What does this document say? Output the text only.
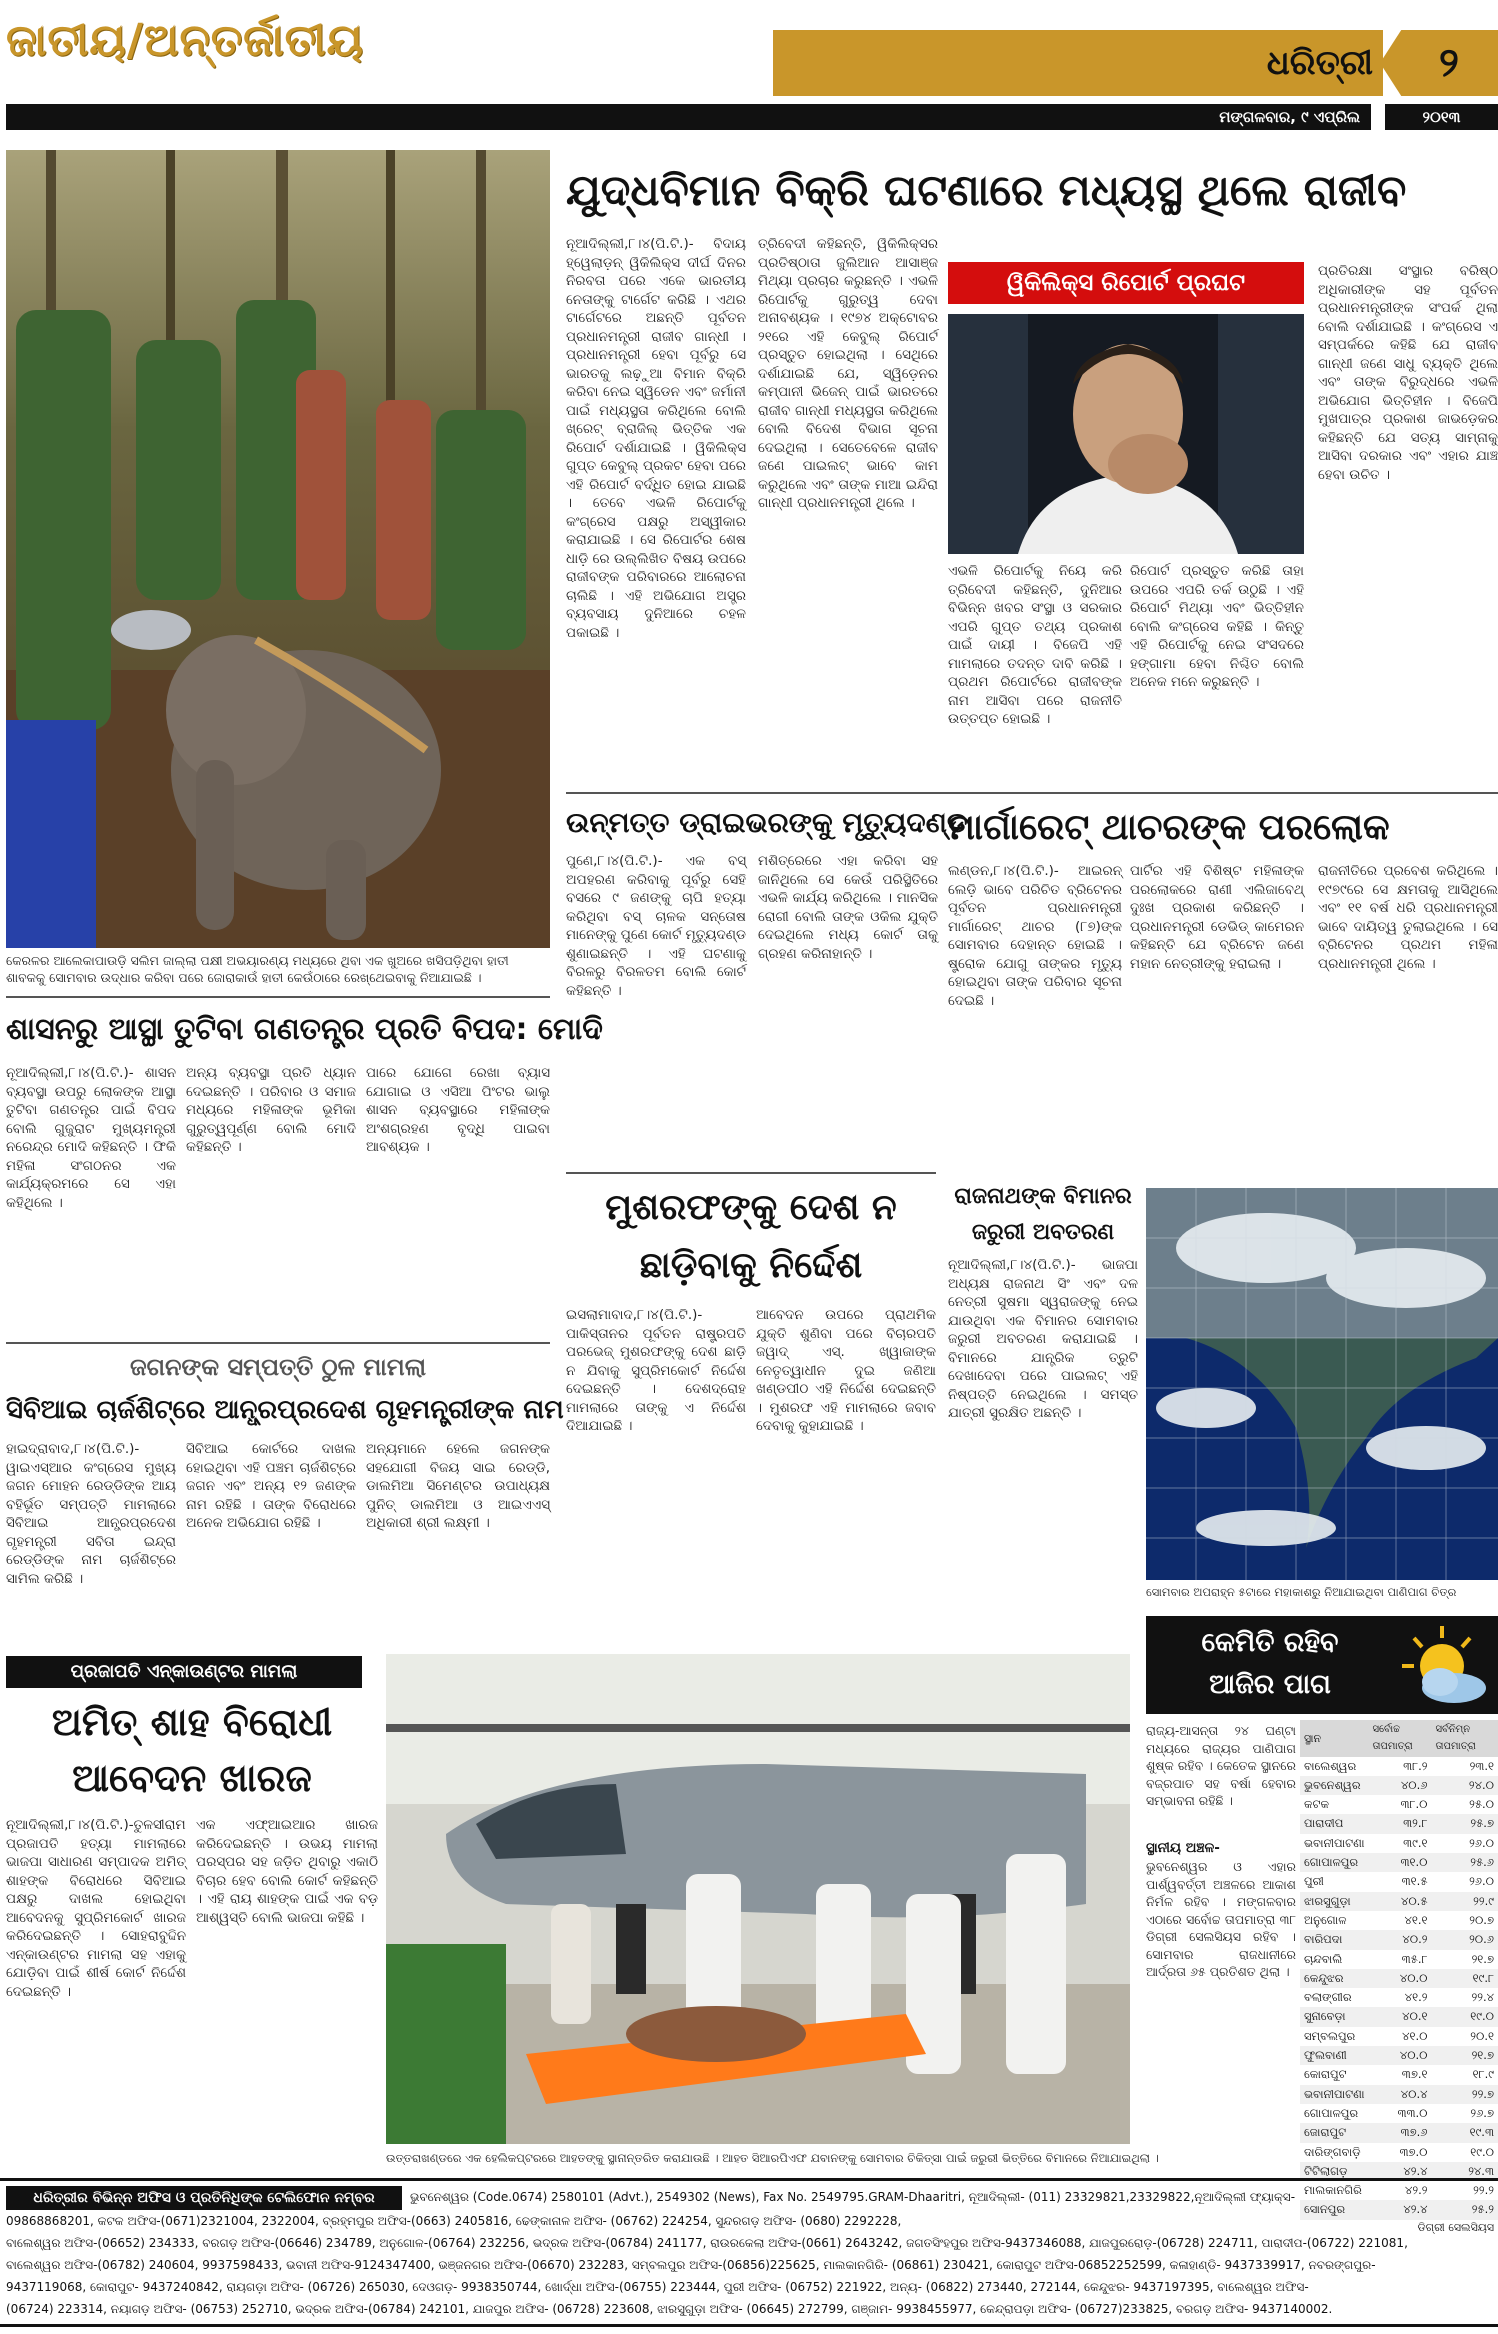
ଜାତୀୟ/ଅନ୍ତର୍ଜାତୀୟ	ଧରିତ୍ରୀ	୨
ମଙ୍ଗଳବାର, ୯ ଏପ୍ରିଲ	୨୦୧୩
କେରଳର ଆଲେକାପାଉଡ଼ି ସଲିମ ଜାଲ୍ଲା ପକ୍ଷୀ ଅଭୟାରଣ୍ୟ ମଧ୍ୟରେ ଥିବା ଏକ ଖୁଅରେ ଖସିପଡ଼ିଥିବା ହାତୀ ଶାବକକୁ ସୋମବାର ଉଦ୍ଧାର କରିବା ପରେ ଜୋରାକାଉଁ ହାତୀ କେଉଁଠାରେ ରେଖ୍ଥେଇବାକୁ ନିଆଯାଇଛି ।
ଯୁଦ୍ଧବିମାନ ବିକ୍ରି ଘଟଣାରେ ମଧ୍ୟସ୍ଥ ଥିଲେ ରାଜୀବ
ନୂଆଦିଲ୍ଲୀ,୮।୪(ପି.ଟି.)- ବିଦାୟ ହ୍ୱେଲାଡ଼ନ୍ ୱିକିଲିକ୍ସ ଦୀର୍ଘ ଦିନର ନିରବତା ପରେ ଏକେ ଭାରତୀୟ ନେତାଙ୍କୁ ଟାର୍ଗେଟ କରିଛି । ଏଥର ଟାର୍ଗେଟରେ ଅଛନ୍ତି ପୂର୍ବତନ ପ୍ରଧାନମନ୍ତ୍ରୀ ରାଜୀବ ଗାନ୍ଧୀ । ପ୍ରଧାନମନ୍ତ୍ରୀ ହେବା ପୂର୍ବରୁ ସେ ଭାରତକୁ ଲଢ଼ୁଆ ବିମାନ ବିକ୍ରି କରିବା ନେଇ ସ୍ୱିଡେନ ଏବଂ ଜର୍ମାନୀ ପାଇଁ ମଧ୍ୟସ୍ଥତା କରିଥିଲେ ବୋଲି ଖ୍ରେଟ୍ ବ୍ରାଜିଲ୍ ଭିତ୍ତିକ ଏକ ରିପୋର୍ଟ ଦର୍ଶାଯାଇଛି । ୱିକିଲିକ୍ସ ଗୁପ୍ତ କେବୁଲ୍ ପ୍ରକଟ ହେବା ପରେ ଏହି ରିପୋର୍ଟ ବର୍ଦ୍ଧିତ ହୋଇ ଯାଇଛି । ତେବେ ଏଭଳି ରିପୋର୍ଟକୁ କଂଗ୍ରେସ ପକ୍ଷରୁ ଅସ୍ୱୀକାର କରାଯାଇଛି । ସେ ରିପୋର୍ଟର ଶେଷ ଧାଡ଼ି ରେ ଉଲ୍ଲିଖିତ ବିଷୟ ଉପରେ ରାଜୀବଙ୍କ ପରିବାରରେ ଆଲୋଚନା ଚାଲିଛି । ଏହି ଅଭିଯୋଗ ଅସ୍ତ୍ର ବ୍ୟବସାୟ ଦୁନିଆରେ ଚହଳ ପକାଇଛି ।
ତ୍ରିବେଦୀ କହିଛନ୍ତି, ୱିକିଲିକ୍ସର ପ୍ରତିଷ୍ଠାତା ଜୁଲିଆନ ଆସାଞ୍ଜ ମିଥ୍ୟା ପ୍ରଚାର କରୁଛନ୍ତି । ଏଭଳି ରିପୋର୍ଟକୁ ଗୁରୁତ୍ୱ ଦେବା ଅନାବଶ୍ୟକ । ୧୯୭୪ ଅକ୍ଟୋବର ୨୧ରେ ଏହି କେବୁଲ୍ ରିପୋର୍ଟ ପ୍ରସ୍ତୁତ ହୋଇଥିଲା । ସେଥିରେ ଦର୍ଶାଯାଇଛି ଯେ, ସ୍ୱିଡ଼େନର କମ୍ପାନୀ ଭିଜେନ୍ ପାଇଁ ଭାରତରେ ରାଜୀବ ଗାନ୍ଧୀ ମଧ୍ୟସ୍ଥତା କରିଥିଲେ ବୋଲି ବିଦେଶ ବିଭାଗ ସୂଚନା ଦେଇଥିଲା । ସେତେବେଳେ ରାଜୀବ ଜଣେ ପାଇଲଟ୍ ଭାବେ କାମ କରୁଥିଲେ ଏବଂ ତାଙ୍କ ମାଆ ଇନ୍ଦିରା ଗାନ୍ଧୀ ପ୍ରଧାନମନ୍ତ୍ରୀ ଥିଲେ ।
ୱିକିଲିକ୍ସ ରିପୋର୍ଟ ପ୍ରଘଟ
ଏଭଳି ରିପୋର୍ଟକୁ ନିୟେ କରି ତ୍ରିବେଦୀ କହିଛନ୍ତି, ଦୁନିଆର ବିଭିନ୍ନ ଖବର ସଂସ୍ଥା ଓ ସରକାର ଏପରି ଗୁପ୍ତ ତଥ୍ୟ ପ୍ରକାଶ ପାଇଁ ଦାୟୀ । ବିଜେପି ଏହି ମାମଲାରେ ତଦନ୍ତ ଦାବି କରିଛି । ପ୍ରଥମ ରିପୋର୍ଟରେ ରାଜୀବଙ୍କ ନାମ ଆସିବା ପରେ ରାଜନୀତି ଉତ୍ତପ୍ତ ହୋଇଛି ।
ରିପୋର୍ଟ ପ୍ରସ୍ତୁତ କରିଛି ତାହା ଉପରେ ଏପରି ତର୍କ ଉଠୁଛି । ଏହି ରିପୋର୍ଟ ମିଥ୍ୟା ଏବଂ ଭିତ୍ତିହୀନ ବୋଲି କଂଗ୍ରେସ କହିଛି । କିନ୍ତୁ ଏହି ରିପୋର୍ଟକୁ ନେଇ ସଂସଦରେ ହଙ୍ଗାମା ହେବା ନିଶ୍ଚିତ ବୋଲି ଅନେକ ମନେ କରୁଛନ୍ତି ।
ପ୍ରତିରକ୍ଷା ସଂସ୍ଥାର ବରିଷ୍ଠ ଅଧିକାରୀଙ୍କ ସହ ପୂର୍ବତନ ପ୍ରଧାନମନ୍ତ୍ରୀଙ୍କ ସଂପର୍କ ଥିଲା ବୋଲି ଦର୍ଶାଯାଇଛି । କଂଗ୍ରେସ ଏ ସମ୍ପର୍କରେ କହିଛି ଯେ ରାଜୀବ ଗାନ୍ଧୀ ଜଣେ ସାଧୁ ବ୍ୟକ୍ତି ଥିଲେ ଏବଂ ତାଙ୍କ ବିରୁଦ୍ଧରେ ଏଭଳି ଅଭିଯୋଗ ଭିତ୍ତିହୀନ । ବିଜେପି ମୁଖପାତ୍ର ପ୍ରକାଶ ଜାଭଡ଼େକର କହିଛନ୍ତି ଯେ ସତ୍ୟ ସାମ୍ନାକୁ ଆସିବା ଦରକାର ଏବଂ ଏହାର ଯାଞ୍ଚ ହେବା ଉଚିତ ।
ଉନ୍ମତ୍ତ ଡ୍ରାଇଭରଙ୍କୁ ମୃତ୍ୟୁଦଣ୍ଡ
ପୁଣେ,୮।୪(ପି.ଟି.)- ଏକ ବସ୍ ଅପହରଣ କରିବାକୁ ପୂର୍ବରୁ ସେହି ବସରେ ୯ ଜଣଙ୍କୁ ଚାପି ହତ୍ୟା କରିଥିବା ବସ୍ ଚାଳକ ସନ୍ତୋଷ ମାନେଙ୍କୁ ପୁଣେ କୋର୍ଟ ମୃତ୍ୟୁଦଣ୍ଡ ଶୁଣାଇଛନ୍ତି । ଏହି ଘଟଣାକୁ ବିରଳରୁ ବିରଳତମ ବୋଲି କୋର୍ଟ କହିଛନ୍ତି ।
ମଶିତ୍ରେରେ ଏହା କରିବା ସହ ଜାନିଥିଲେ ସେ କେଉଁ ପରିସ୍ଥିତିରେ ଏଭଳି କାର୍ଯ୍ୟ କରିଥିଲେ । ମାନସିକ ରୋଗୀ ବୋଲି ତାଙ୍କ ଓକିଲ ଯୁକ୍ତି ଦେଇଥିଲେ ମଧ୍ୟ କୋର୍ଟ ତାକୁ ଗ୍ରହଣ କରିନାହାନ୍ତି ।
ମାର୍ଗାରେଟ୍ ଥାଚରଙ୍କ ପରଲୋକ
ଲଣ୍ଡନ,୮।୪(ପି.ଟି.)- ଆଇରନ୍ ଲେଡ଼ି ଭାବେ ପରିଚିତ ବ୍ରିଟେନର ପୂର୍ବତନ ପ୍ରଧାନମନ୍ତ୍ରୀ ମାର୍ଗାରେଟ୍ ଥାଚର (୮୭)ଙ୍କ ସୋମବାର ଦେହାନ୍ତ ହୋଇଛି । ଷ୍ଟ୍ରୋକ ଯୋଗୁ ତାଙ୍କର ମୃତ୍ୟୁ ହୋଇଥିବା ତାଙ୍କ ପରିବାର ସୂଚନା ଦେଇଛି ।
ପାର୍ଟିର ଏହି ବିଶିଷ୍ଟ ମହିଳାଙ୍କ ପରଲୋକରେ ରାଣୀ ଏଲିଜାବେଥ୍ ଦୁଃଖ ପ୍ରକାଶ କରିଛନ୍ତି । ପ୍ରଧାନମନ୍ତ୍ରୀ ଡେଭିଡ୍ କାମେରନ କହିଛନ୍ତି ଯେ ବ୍ରିଟେନ ଜଣେ ମହାନ ନେତ୍ରୀଙ୍କୁ ହରାଇଲା ।
ରାଜନୀତିରେ ପ୍ରବେଶ କରିଥିଲେ । ୧୯୭୯ରେ ସେ କ୍ଷମତାକୁ ଆସିଥିଲେ ଏବଂ ୧୧ ବର୍ଷ ଧରି ପ୍ରଧାନମନ୍ତ୍ରୀ ଭାବେ ଦାୟିତ୍ୱ ତୁଲାଇଥିଲେ । ସେ ବ୍ରିଟେନର ପ୍ରଥମ ମହିଳା ପ୍ରଧାନମନ୍ତ୍ରୀ ଥିଲେ ।
ଶାସନରୁ ଆସ୍ଥା ତୁଟିବା ଗଣତନ୍ତ୍ର ପ୍ରତି ବିପଦ: ମୋଦି
ନୂଆଦିଲ୍ଲୀ,୮।୪(ପି.ଟି.)- ଶାସନ ବ୍ୟବସ୍ଥା ଉପରୁ ଲୋକଙ୍କ ଆସ୍ଥା ତୁଟିବା ଗଣତନ୍ତ୍ର ପାଇଁ ବିପଦ ବୋଲି ଗୁଜୁରାଟ ମୁଖ୍ୟମନ୍ତ୍ରୀ ନରେନ୍ଦ୍ର ମୋଦି କହିଛନ୍ତି । ଫିକି ମହିଳା ସଂଗଠନର ଏକ କାର୍ଯ୍ୟକ୍ରମରେ ସେ ଏହା କହିଥିଲେ ।
ଅନ୍ୟ ବ୍ୟବସ୍ଥା ପ୍ରତି ଧ୍ୟାନ ଦେଇଛନ୍ତି । ପରିବାର ଓ ସମାଜ ମଧ୍ୟରେ ମହିଳାଙ୍କ ଭୂମିକା ଗୁରୁତ୍ୱପୂର୍ଣ୍ଣ ବୋଲି ମୋଦି କହିଛନ୍ତି ।
ପାରେ ଯୋଗେ ରେଖା ବ୍ୟାସ ଯୋଗାଇ ଓ ଏସିଆ ପିଂଟର ଭାଲୁ ଶାସନ ବ୍ୟବସ୍ଥାରେ ମହିଳାଙ୍କ ଅଂଶଗ୍ରହଣ ବୃଦ୍ଧି ପାଇବା ଆବଶ୍ୟକ ।
ଜଗନଙ୍କ ସମ୍ପତ୍ତି ଠୁଳ ମାମଲା
ସିବିଆଇ ଚାର୍ଜଶିଟ୍‌ରେ ଆନ୍ଧ୍ରପ୍ରଦେଶ ଗୃହମନ୍ତ୍ରୀଙ୍କ ନାମ
ହାଇଦ୍ରାବାଦ,୮।୪(ପି.ଟି.)- ୱାଇଏସ୍ଆର କଂଗ୍ରେସ ମୁଖ୍ୟ ଜଗନ ମୋହନ ରେଡ୍ଡିଙ୍କ ଆୟ ବହିର୍ଭୂତ ସମ୍ପତ୍ତି ମାମଲାରେ ସିବିଆଇ ଆନ୍ଧ୍ରପ୍ରଦେଶ ଗୃହମନ୍ତ୍ରୀ ସବିତା ଇନ୍ଦ୍ରା ରେଡ୍ଡିଙ୍କ ନାମ ଚାର୍ଜଶିଟ୍‌ରେ ସାମିଲ କରିଛି ।
ସିବିଆଇ କୋର୍ଟରେ ଦାଖଲ ହୋଇଥିବା ଏହି ପଞ୍ଚମ ଚାର୍ଜଶିଟ୍‌ରେ ଜଗନ ଏବଂ ଅନ୍ୟ ୧୨ ଜଣଙ୍କ ନାମ ରହିଛି । ତାଙ୍କ ବିରୋଧରେ ଅନେକ ଅଭିଯୋଗ ରହିଛି ।
ଅନ୍ୟମାନେ ହେଲେ ଜଗନଙ୍କ ସହଯୋଗୀ ବିଜୟ ସାଇ ରେଡ୍ଡି, ଡାଲମିଆ ସିମେଣ୍ଟର ଉପାଧ୍ୟକ୍ଷ ପୁନିତ୍ ଡାଲମିଆ ଓ ଆଇଏଏସ୍ ଅଧିକାରୀ ଶ୍ରୀ ଲକ୍ଷ୍ମୀ ।
ମୁଶରଫଙ୍କୁ ଦେଶ ନ
ଛାଡ଼ିବାକୁ ନିର୍ଦ୍ଦେଶ
ଇସଲାମାବାଦ,୮।୪(ପି.ଟି.)- ପାକିସ୍ତାନର ପୂର୍ବତନ ରାଷ୍ଟ୍ରପତି ପରଭେଜ୍ ମୁଶରଫଙ୍କୁ ଦେଶ ଛାଡ଼ି ନ ଯିବାକୁ ସୁପ୍ରିମକୋର୍ଟ ନିର୍ଦ୍ଦେଶ ଦେଇଛନ୍ତି । ଦେଶଦ୍ରୋହ ମାମଲାରେ ତାଙ୍କୁ ଏ ନିର୍ଦ୍ଦେଶ ଦିଆଯାଇଛି ।
ଆବେଦନ ଉପରେ ପ୍ରାଥମିକ ଯୁକ୍ତି ଶୁଣିବା ପରେ ବିଚାରପତି ଜୱାଦ୍ ଏସ୍. ଖ୍ୱାଜାଙ୍କ ନେତୃତ୍ୱାଧୀନ ଦୁଇ ଜଣିଆ ଖଣ୍ଡପୀଠ ଏହି ନିର୍ଦ୍ଦେଶ ଦେଇଛନ୍ତି । ମୁଶରଫ ଏହି ମାମଲାରେ ଜବାବ ଦେବାକୁ କୁହାଯାଇଛି ।
ରାଜନାଥଙ୍କ ବିମାନର
ଜରୁରୀ ଅବତରଣ
ନୂଆଦିଲ୍ଲୀ,୮।୪(ପି.ଟି.)- ଭାଜପା ଅଧ୍ୟକ୍ଷ ରାଜନାଥ ସିଂ ଏବଂ ଦଳ ନେତ୍ରୀ ସୁଷମା ସ୍ୱରାଜଙ୍କୁ ନେଇ ଯାଉଥିବା ଏକ ବିମାନର ସୋମବାର ଜରୁରୀ ଅବତରଣ କରାଯାଇଛି । ବିମାନରେ ଯାନ୍ତ୍ରିକ ତ୍ରୁଟି ଦେଖାଦେବା ପରେ ପାଇଲଟ୍ ଏହି ନିଷ୍ପତ୍ତି ନେଇଥିଲେ । ସମସ୍ତ ଯାତ୍ରୀ ସୁରକ୍ଷିତ ଅଛନ୍ତି ।
ସୋମବାର ଅପରାହ୍ନ ୫ଟାରେ ମହାକାଶରୁ ନିଆଯାଇଥିବା ପାଣିପାଗ ଚିତ୍ର
ପ୍ରଜାପତି ଏନ୍‌କାଉଣ୍ଟର ମାମଲା
ଅମିତ୍ ଶାହ ବିରୋଧୀ
ଆବେଦନ ଖାରଜ
ନୂଆଦିଲ୍ଲୀ,୮।୪(ପି.ଟି.)-ତୁଳସୀରାମ ପ୍ରଜାପତି ହତ୍ୟା ମାମଲାରେ ଭାଜପା ସାଧାରଣ ସମ୍ପାଦକ ଅମିତ୍ ଶାହଙ୍କ ବିରୋଧରେ ସିବିଆଇ ପକ୍ଷରୁ ଦାଖଲ ହୋଇଥିବା ଆବେଦନକୁ ସୁପ୍ରିମକୋର୍ଟ ଖାରଜ କରିଦେଇଛନ୍ତି । ସୋହରାବୁଦ୍ଦିନ ଏନ୍‌କାଉଣ୍ଟର ମାମଲା ସହ ଏହାକୁ ଯୋଡ଼ିବା ପାଇଁ ଶୀର୍ଷ କୋର୍ଟ ନିର୍ଦ୍ଦେଶ ଦେଇଛନ୍ତି ।
ଏକ ଏଫ୍ଆଇଆର ଖାରଜ କରିଦେଇଛନ୍ତି । ଉଭୟ ମାମଲା ପରସ୍ପର ସହ ଜଡ଼ିତ ଥିବାରୁ ଏକାଠି ବିଚାର ହେବ ବୋଲି କୋର୍ଟ କହିଛନ୍ତି । ଏହି ରାୟ ଶାହଙ୍କ ପାଇଁ ଏକ ବଡ଼ ଆଶ୍ୱସ୍ତି ବୋଲି ଭାଜପା କହିଛି ।
ଉତ୍ତରାଖଣ୍ଡରେ ଏକ ହେଲିକପ୍ଟରରେ ଆହତଙ୍କୁ ସ୍ଥାନାନ୍ତରିତ କରାଯାଉଛି । ଆହତ ସିଆରପିଏଫ ଯବାନଙ୍କୁ ସୋମବାର ଚିକିତ୍ସା ପାଇଁ ଜରୁରୀ ଭିତ୍ତିରେ ବିମାନରେ ନିଆଯାଇଥିଲା ।
କେମିତି ରହିବ
ଆଜିର ପାଗ
ରାଜ୍ୟ-ଆସନ୍ତା ୨୪ ଘଣ୍ଟା ମଧ୍ୟରେ ରାଜ୍ୟର ପାଣିପାଗ ଶୁଷ୍କ ରହିବ । କେତେକ ସ୍ଥାନରେ ବଜ୍ରପାତ ସହ ବର୍ଷା ହେବାର ସମ୍ଭାବନା ରହିଛି ।
ସ୍ଥାନୀୟ ଅଞ୍ଚଳ-
ଭୁବନେଶ୍ୱର ଓ ଏହାର ପାର୍ଶ୍ୱବର୍ତ୍ତୀ ଅଞ୍ଚଳରେ ଆକାଶ ନିର୍ମଳ ରହିବ । ମଙ୍ଗଳବାର ଏଠାରେ ସର୍ବୋଚ୍ଚ ତାପମାତ୍ରା ୩୮ ଡିଗ୍ରୀ ସେଲସିୟସ ରହିବ । ସୋମବାର ରାଜଧାନୀରେ ଆର୍ଦ୍ରତା ୬୫ ପ୍ରତିଶତ ଥିଲା ।
ସ୍ଥାନ	ସର୍ବୋଚ୍ଚ ତାପମାତ୍ରା	ସର୍ବନିମ୍ନ ତାପମାତ୍ରା
ବାଲେଶ୍ୱର	୩୮.୨	୨୩.୧
ଭୁବନେଶ୍ୱର	୪୦.୬	୨୪.୦
କଟକ	୩୮.୦	୨୫.୦
ପାରାଦୀପ	୩୨.୮	୨୫.୭
ଭବାନୀପାଟଣା	୩୯.୧	୨୬.୦
ଗୋପାଳପୁର	୩୧.୦	୨୫.୬
ପୁରୀ	୩୧.୫	୨୬.୦
ଝାରସୁଗୁଡ଼ା	୪୦.୫	୨୨.୯
ଅନୁଗୋଳ	୪୧.୧	୨୦.୭
ବାରିପଦା	୪୦.୨	୨୦.୬
ଚାନ୍ଦବାଲି	୩୫.୮	୨୧.୭
କେନ୍ଦୁଝର	୪୦.୦	୧୯.୮
ବଲାଙ୍ଗୀର	୪୧.୨	୨୨.୪
ସୁନାବେଡ଼ା	୪୦.୧	୧୯.୦
ସମ୍ବଲପୁର	୪୧.୦	୨୦.୧
ଫୁଲବାଣୀ	୪୦.୦	୨୧.୭
କୋରାପୁଟ	୩୭.୧	୧୮.୯
ଭବାନୀପାଟଣା	୪୦.୪	୨୨.୭
ଗୋପାଳପୁର	୩୩.୦	୨୬.୭
ଜୋରାପୁଟ	୩୭.୬	୧୯.୩
ଦାରିଙ୍ଗବାଡ଼ି	୩୭.୦	୧୯.୦
ଟିଟିଲାଗଡ଼	୪୨.୪	୨୪.୩
ମାଲକାନଗିରି	୪୨.୨	୨୨.୨
ସୋନପୁର	୪୨.୪	୨୫.୨
ଡିଗ୍ରୀ ସେଲସିୟସ
ଧରିତ୍ରୀର ବିଭିନ୍ନ ଅଫିସ ଓ ପ୍ରତିନିଧିଙ୍କ ଟେଲିଫୋନ ନମ୍ବର	ଭୁବନେଶ୍ୱର (Code.0674) 2580101 (Advt.), 2549302 (News), Fax No. 2549795.GRAM-Dhaaritri, ନୂଆଦିଲ୍ଲୀ- (011) 23329821,23329822,ନୂଆଦିଲ୍ଲୀ ଫ୍ୟାକ୍ସ-
09868868201, କଟକ ଅଫିସ-(0671)2321004, 2322004, ବ୍ରହ୍ମପୁର ଅଫିସ-(0663) 2405816, ଢେଙ୍କାନାଳ ଅଫିସ- (06762) 224254, ସୁନ୍ଦରଗଡ଼ ଅଫିସ- (0680) 2292228,
ବାଲେଶ୍ୱର ଅଫିସ-(06652) 234333, ବରଗଡ଼ ଅଫିସ-(06646) 234789, ଅନୁଗୋଳ-(06764) 232256, ଭଦ୍ରକ ଅଫିସ-(06784) 241177, ରାଉରକେଲା ଅଫିସ-(0661) 2643242, ଜଗତସିଂହପୁର ଅଫିସ-9437346088, ଯାଜପୁରରୋଡ଼-(06728) 224711, ପାରାଦୀପ-(06722) 221081,
ବାଲେଶ୍ୱର ଅଫିସ-(06782) 240604, 9937598433, ଭବାନୀ ଅଫିସ-9124347400, ଭଞ୍ଜନଗର ଅଫିସ-(06670) 232283, ସମ୍ବଲପୁର ଅଫିସ-(06856)225625, ମାଲକାନଗିରି- (06861) 230421, କୋରାପୁଟ ଅଫିସ-06852252599, କଳାହାଣ୍ଡି- 9437339917, ନବରଙ୍ଗପୁର-
9437119068, କୋରାପୁଟ- 9437240842, ରାୟଗଡ଼ା ଅଫିସ- (06726) 265030, ଦେଓଗଡ଼- 9938350744, ଖୋର୍ଦ୍ଧା ଅଫିସ-(06755) 223444, ପୁରୀ ଅଫିସ- (06752) 221922, ଅନ୍ୟ- (06822) 273440, 272144, କେନ୍ଦୁଝର- 9437197395, ବାଲେଶ୍ୱର ଅଫିସ-
(06724) 223314, ନୟାଗଡ଼ ଅଫିସ- (06753) 252710, ଭଦ୍ରକ ଅଫିସ-(06784) 242101, ଯାଜପୁର ଅଫିସ- (06728) 223608, ଝାରସୁଗୁଡ଼ା ଅଫିସ- (06645) 272799, ଗଞ୍ଜାମ- 9938455977, କେନ୍ଦ୍ରାପଡ଼ା ଅଫିସ- (06727)233825, ବରଗଡ଼ ଅଫିସ- 9437140002.
